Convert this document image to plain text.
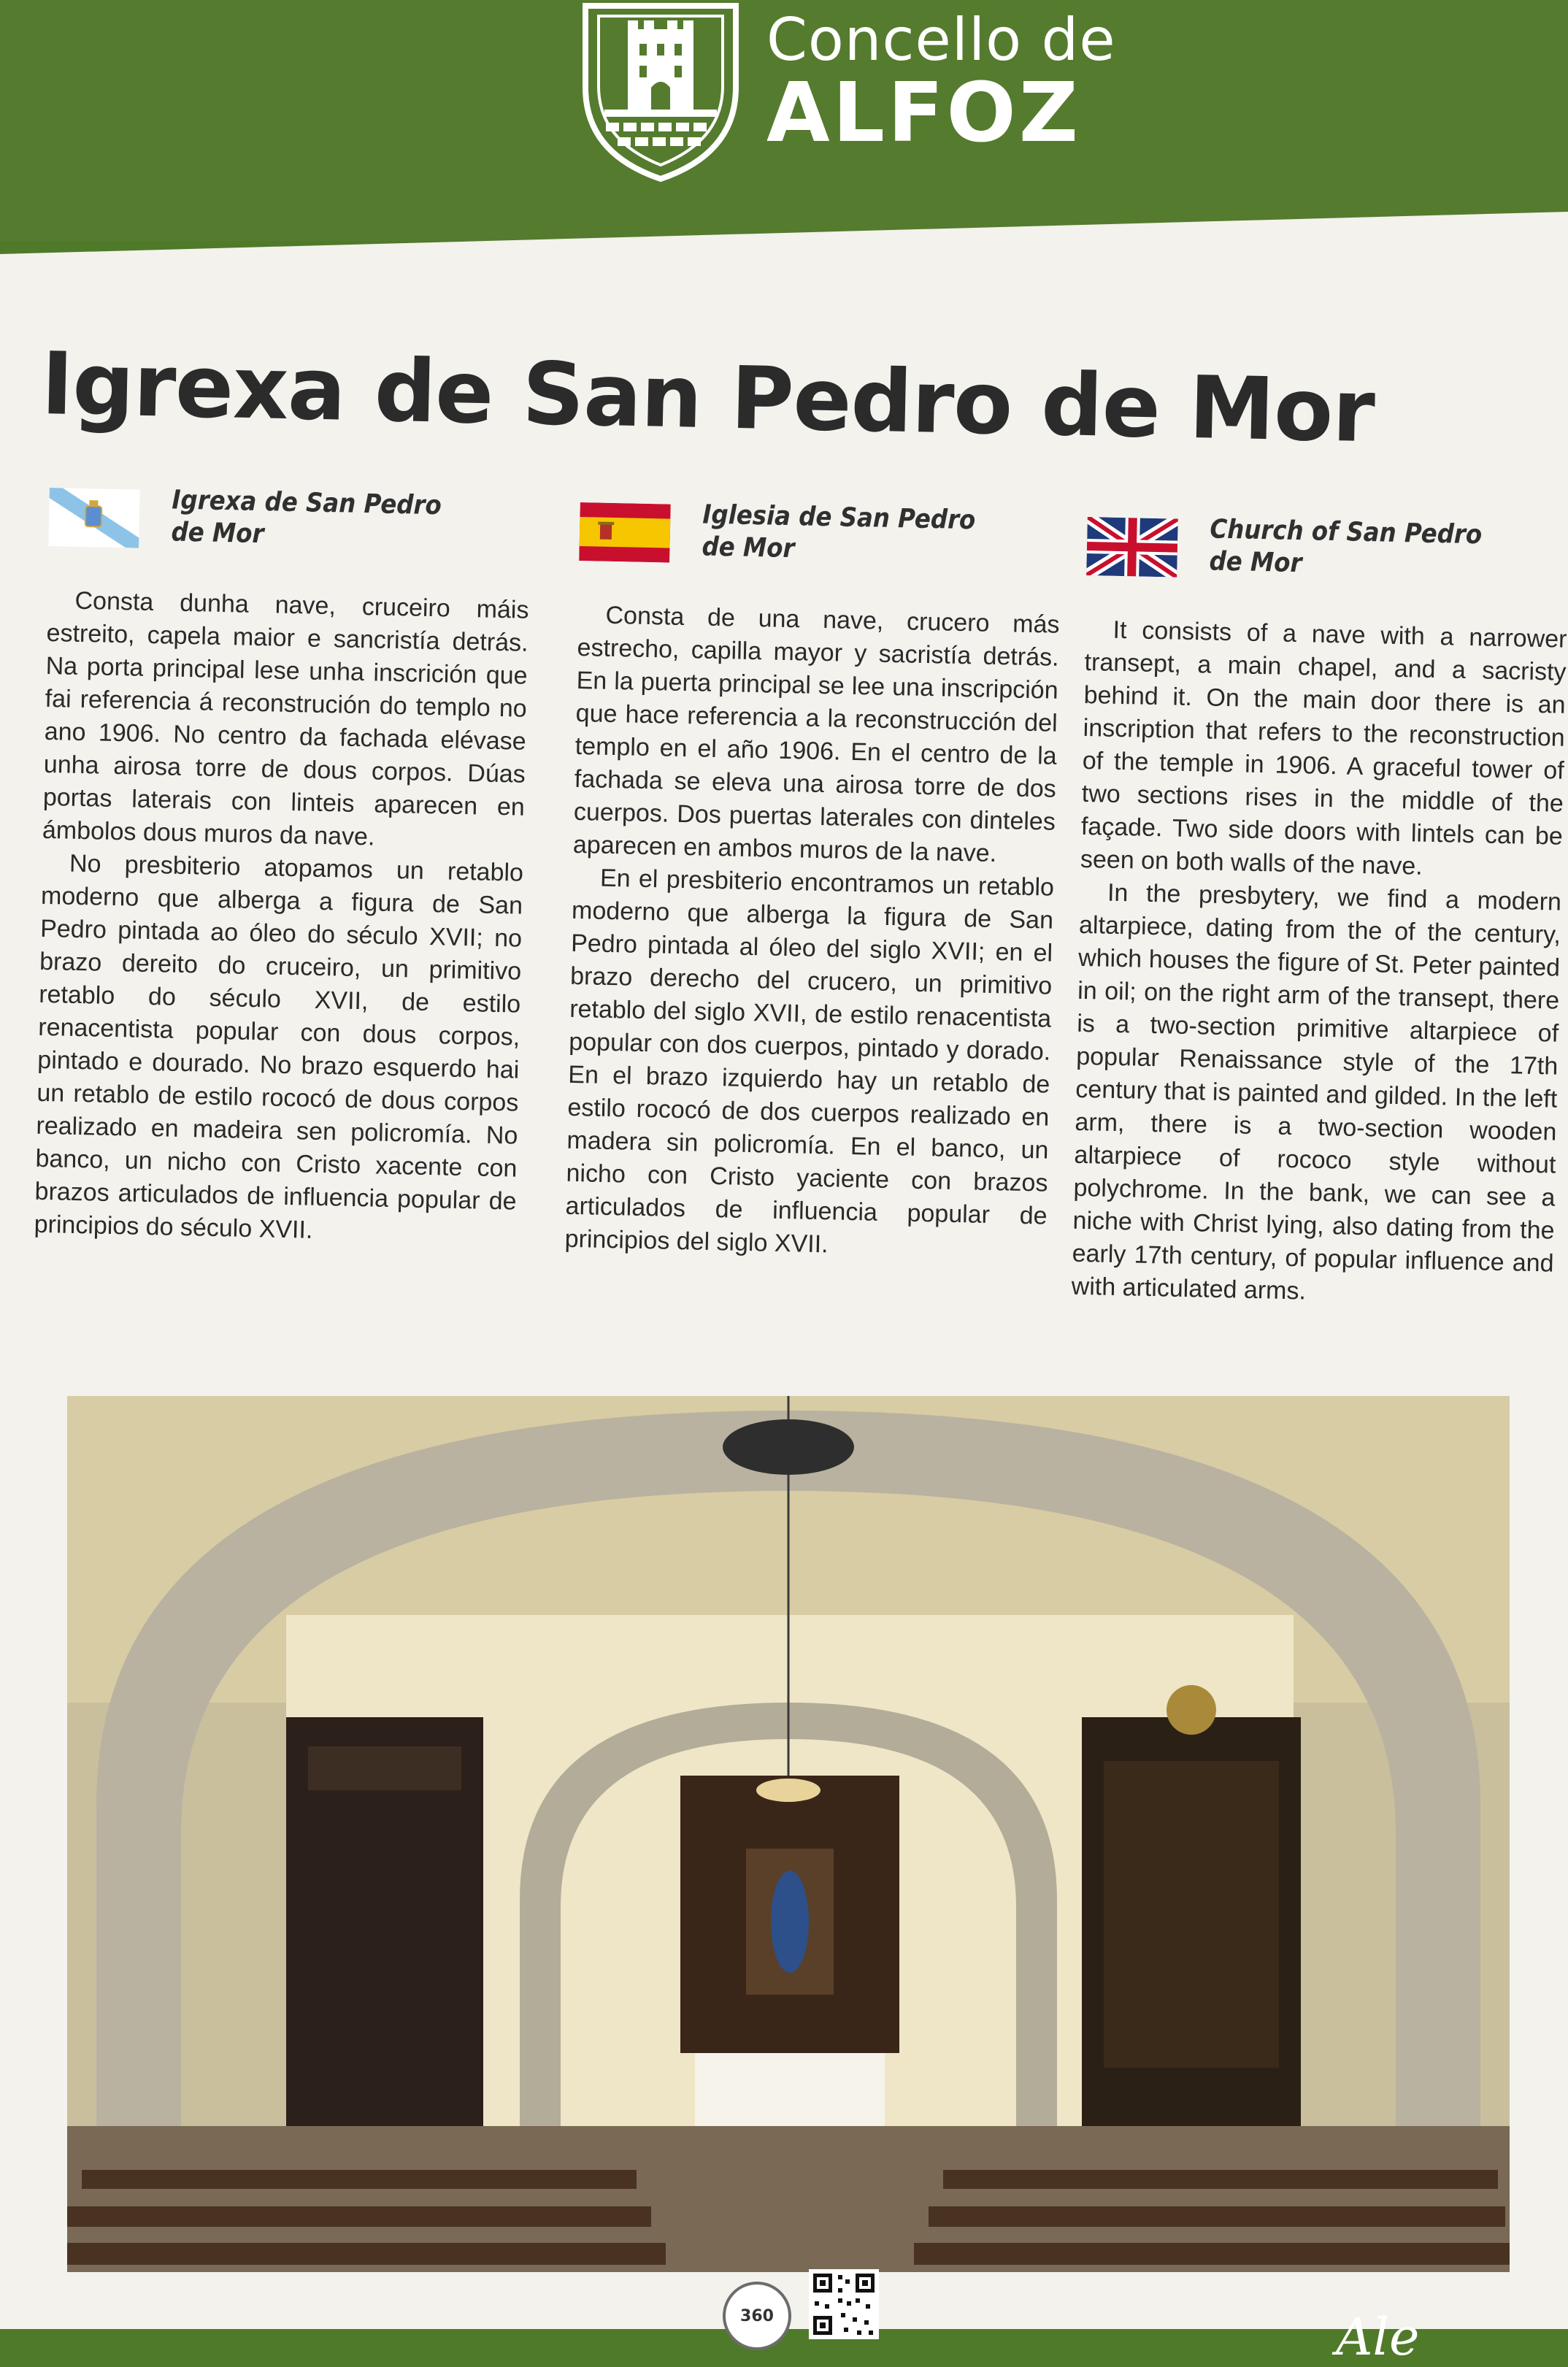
Concello de
ALFOZ
Igrexa de San Pedro de Mor
Igrexa de San Pedro
de Mor

Consta dunha nave, cruceiro máis estreito, capela maior e sancristía detrás. Na porta principal lese unha inscrición que fai referencia á reconstrución do templo no ano 1906. No centro da fachada elévase unha airosa torre de dous corpos. Dúas portas laterais con linteis aparecen en ámbolos dous muros da nave.

No presbiterio atopamos un retablo moderno que alberga a figura de San Pedro pintada ao óleo do século XVII; no brazo dereito do cruceiro, un primitivo retablo do século XVII, de estilo renacentista popular con dous corpos, pintado e dourado. No brazo esquerdo hai un retablo de estilo rococó de dous corpos realizado en madeira sen policromía. No banco, un nicho con Cristo xacente con brazos articulados de influencia popular de principios do século XVII.

Iglesia de San Pedro
de Mor

Consta de una nave, crucero más estrecho, capilla mayor y sacristía detrás. En la puerta principal se lee una inscripción que hace referencia a la reconstrucción del templo en el año 1906. En el centro de la fachada se eleva una airosa torre de dos cuerpos. Dos puertas laterales con dinteles aparecen en ambos muros de la nave.

En el presbiterio encontramos un retablo moderno que alberga la figura de San Pedro pintada al óleo del siglo XVII; en el brazo derecho del crucero, un primitivo retablo del siglo XVII, de estilo renacentista popular con dos cuerpos, pintado y dorado. En el brazo izquierdo hay un retablo de estilo rococó de dos cuerpos realizado en madera sin policromía. En el banco, un nicho con Cristo yaciente con brazos articulados de influencia popular de principios del siglo XVII.

Church of San Pedro
de Mor

It consists of a nave with a narrower transept, a main chapel, and a sacristy behind it. On the main door there is an inscription that refers to the reconstruction of the temple in 1906. A graceful tower of two sections rises in the middle of the façade. Two side doors with lintels can be seen on both walls of the nave.

In the presbytery, we find a modern altarpiece, dating from the of the century, which houses the figure of St. Peter painted in oil; on the right arm of the transept, there is a two-section primitive altarpiece of popular Renaissance style of the 17th century that is painted and gilded. In the left arm, there is a two-section wooden altarpiece of rococo style without polychrome. In the bank, we can see a niche with Christ lying, also dating from the early 17th century, of popular influence and with articulated arms.

360	Ale
